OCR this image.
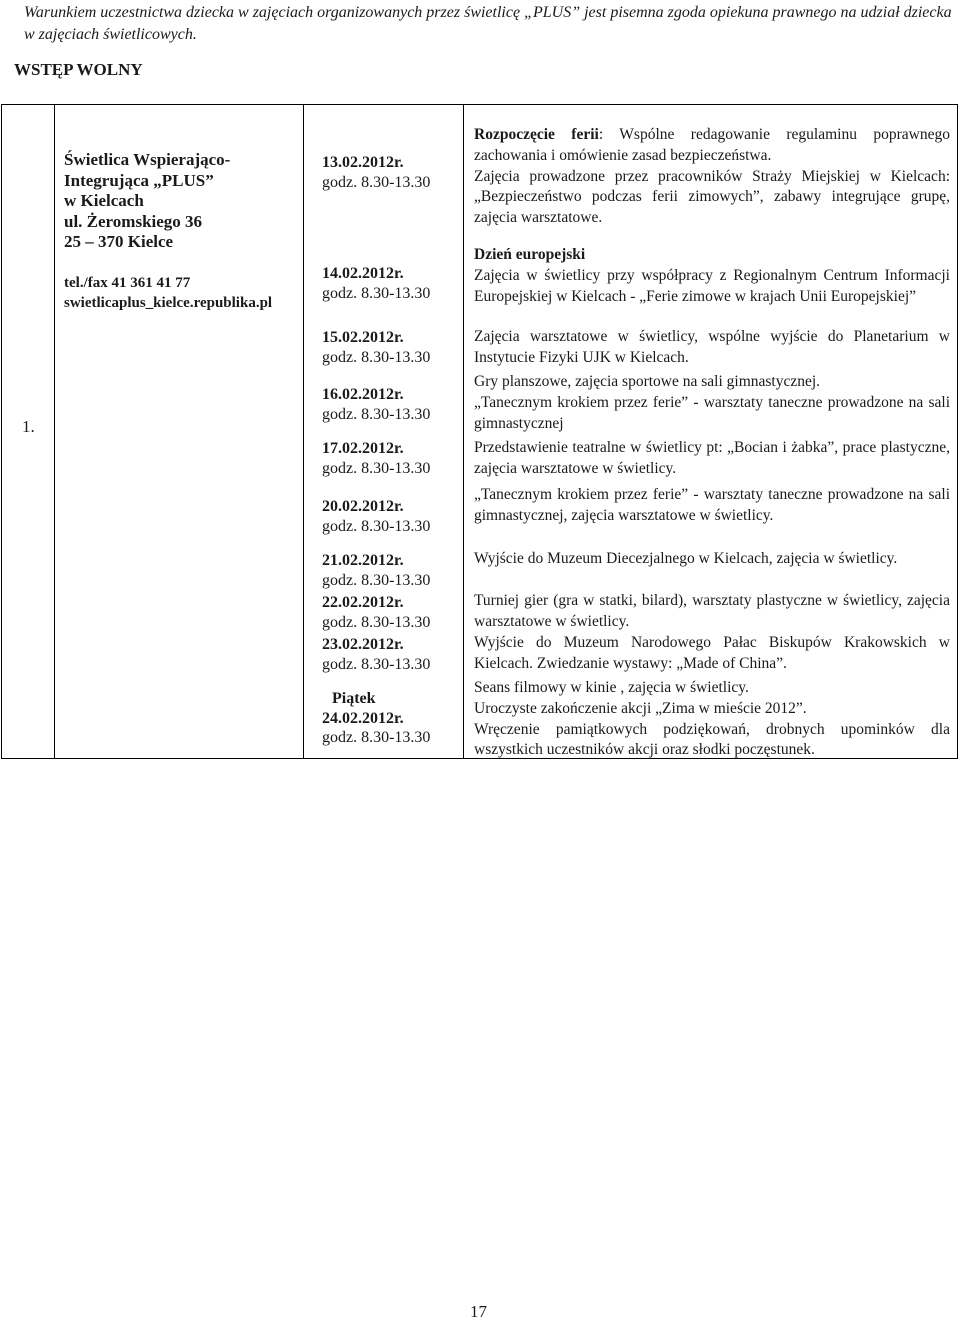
Warunkiem uczestnictwa dziecka w zajęciach organizowanych przez świetlicę „PLUS” jest pisemna zgoda opiekuna prawnego na udział dziecka w zajęciach świetlicowych.
WSTĘP WOLNY
1.
Świetlica Wspierająco-Integrująca „PLUS”
w Kielcach
ul. Żeromskiego 36
25 – 370 Kielce
tel./fax 41 361 41 77
swietlicaplus_kielce.republika.pl
13.02.2012r.
godz. 8.30-13.30
14.02.2012r.
godz. 8.30-13.30
15.02.2012r.
godz. 8.30-13.30
16.02.2012r.
godz. 8.30-13.30
17.02.2012r.
godz. 8.30-13.30
20.02.2012r.
godz. 8.30-13.30
21.02.2012r.
godz. 8.30-13.30
22.02.2012r.
godz. 8.30-13.30
23.02.2012r.
godz. 8.30-13.30
Piątek
24.02.2012r.
godz. 8.30-13.30

Rozpoczęcie ferii: Wspólne redagowanie regulaminu poprawnego zachowania i omówienie zasad bezpieczeństwa.

Zajęcia prowadzone przez pracowników Straży Miejskiej w Kielcach: „Bezpieczeństwo podczas ferii zimowych”, zabawy integrujące grupę, zajęcia warsztatowe.

Dzień europejski

Zajęcia w świetlicy przy współpracy z Regionalnym Centrum Informacji Europejskiej w Kielcach - „Ferie zimowe w krajach Unii Europejskiej”

Zajęcia warsztatowe w świetlicy, wspólne wyjście do Planetarium w Instytucie Fizyki UJK w Kielcach.

Gry planszowe, zajęcia sportowe na sali gimnastycznej.

„Tanecznym krokiem przez ferie” - warsztaty taneczne prowadzone na sali gimnastycznej

Przedstawienie teatralne w świetlicy pt: „Bocian i żabka”, prace plastyczne, zajęcia warsztatowe w świetlicy.

„Tanecznym krokiem przez ferie” - warsztaty taneczne prowadzone na sali gimnastycznej, zajęcia warsztatowe w świetlicy.

Wyjście do Muzeum Diecezjalnego w Kielcach, zajęcia w świetlicy.

Turniej gier (gra w statki, bilard), warsztaty plastyczne w świetlicy, zajęcia warsztatowe w świetlicy.

Wyjście do Muzeum Narodowego Pałac Biskupów Krakowskich w Kielcach. Zwiedzanie wystawy: „Made of China”.

Seans filmowy w kinie , zajęcia w świetlicy.

Uroczyste zakończenie akcji „Zima w mieście 2012”.

Wręczenie pamiątkowych podziękowań, drobnych upominków dla wszystkich uczestników akcji oraz słodki poczęstunek.

17
